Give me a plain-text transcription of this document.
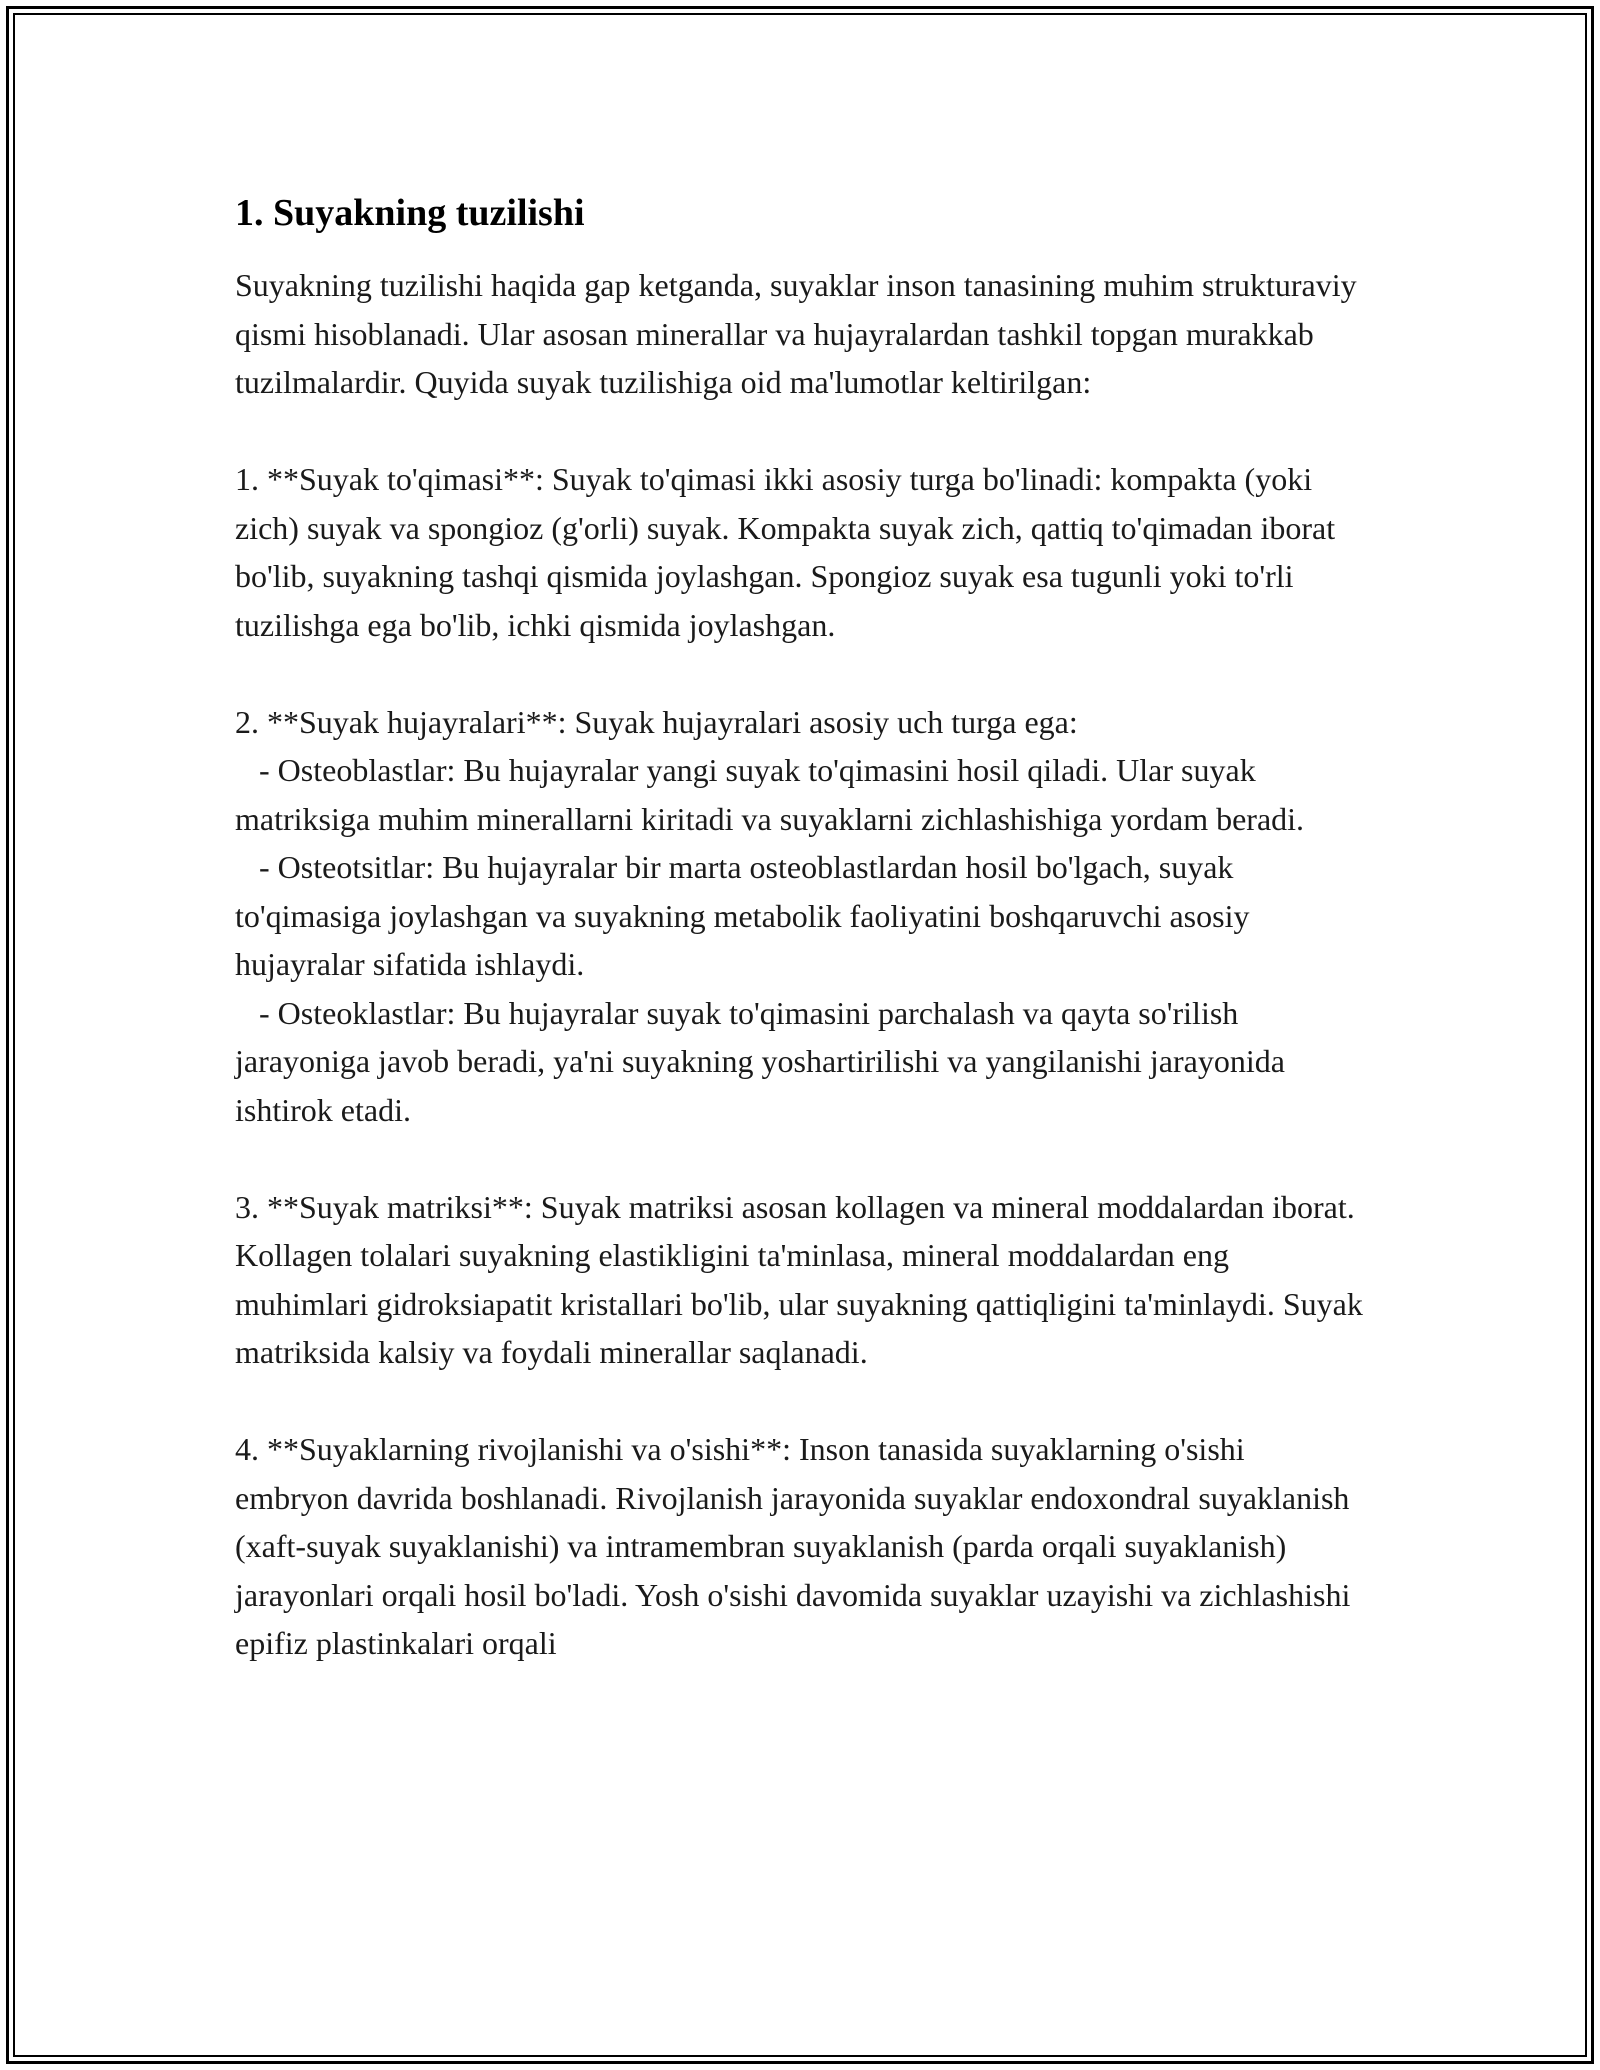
1. Suyakning tuzilishi

Suyakning tuzilishi haqida gap ketganda, suyaklar inson tanasining muhim strukturaviy qismi hisoblanadi. Ular asosan minerallar va hujayralardan tashkil topgan murakkab tuzilmalardir. Quyida suyak tuzilishiga oid ma'lumotlar keltirilgan:

1. **Suyak to'qimasi**: Suyak to'qimasi ikki asosiy turga bo'linadi: kompakta (yoki zich) suyak va spongioz (g'orli) suyak. Kompakta suyak zich, qattiq to'qimadan iborat bo'lib, suyakning tashqi qismida joylashgan. Spongioz suyak esa tugunli yoki to'rli tuzilishga ega bo'lib, ichki qismida joylashgan.

2. **Suyak hujayralari**: Suyak hujayralari asosiy uch turga ega:

- Osteoblastlar: Bu hujayralar yangi suyak to'qimasini hosil qiladi. Ular suyak matriksiga muhim minerallarni kiritadi va suyaklarni zichlashishiga yordam beradi.

- Osteotsitlar: Bu hujayralar bir marta osteoblastlardan hosil bo'lgach, suyak to'qimasiga joylashgan va suyakning metabolik faoliyatini boshqaruvchi asosiy hujayralar sifatida ishlaydi.

- Osteoklastlar: Bu hujayralar suyak to'qimasini parchalash va qayta so'rilish jarayoniga javob beradi, ya'ni suyakning yoshartirilishi va yangilanishi jarayonida ishtirok etadi.

3. **Suyak matriksi**: Suyak matriksi asosan kollagen va mineral moddalardan iborat. Kollagen tolalari suyakning elastikligini ta'minlasa, mineral moddalardan eng muhimlari gidroksiapatit kristallari bo'lib, ular suyakning qattiqligini ta'minlaydi. Suyak matriksida kalsiy va foydali minerallar saqlanadi.

4. **Suyaklarning rivojlanishi va o'sishi**: Inson tanasida suyaklarning o'sishi embryon davrida boshlanadi. Rivojlanish jarayonida suyaklar endoxondral suyaklanish (xaft-suyak suyaklanishi) va intramembran suyaklanish (parda orqali suyaklanish) jarayonlari orqali hosil bo'ladi. Yosh o'sishi davomida suyaklar uzayishi va zichlashishi epifiz plastinkalari orqali
